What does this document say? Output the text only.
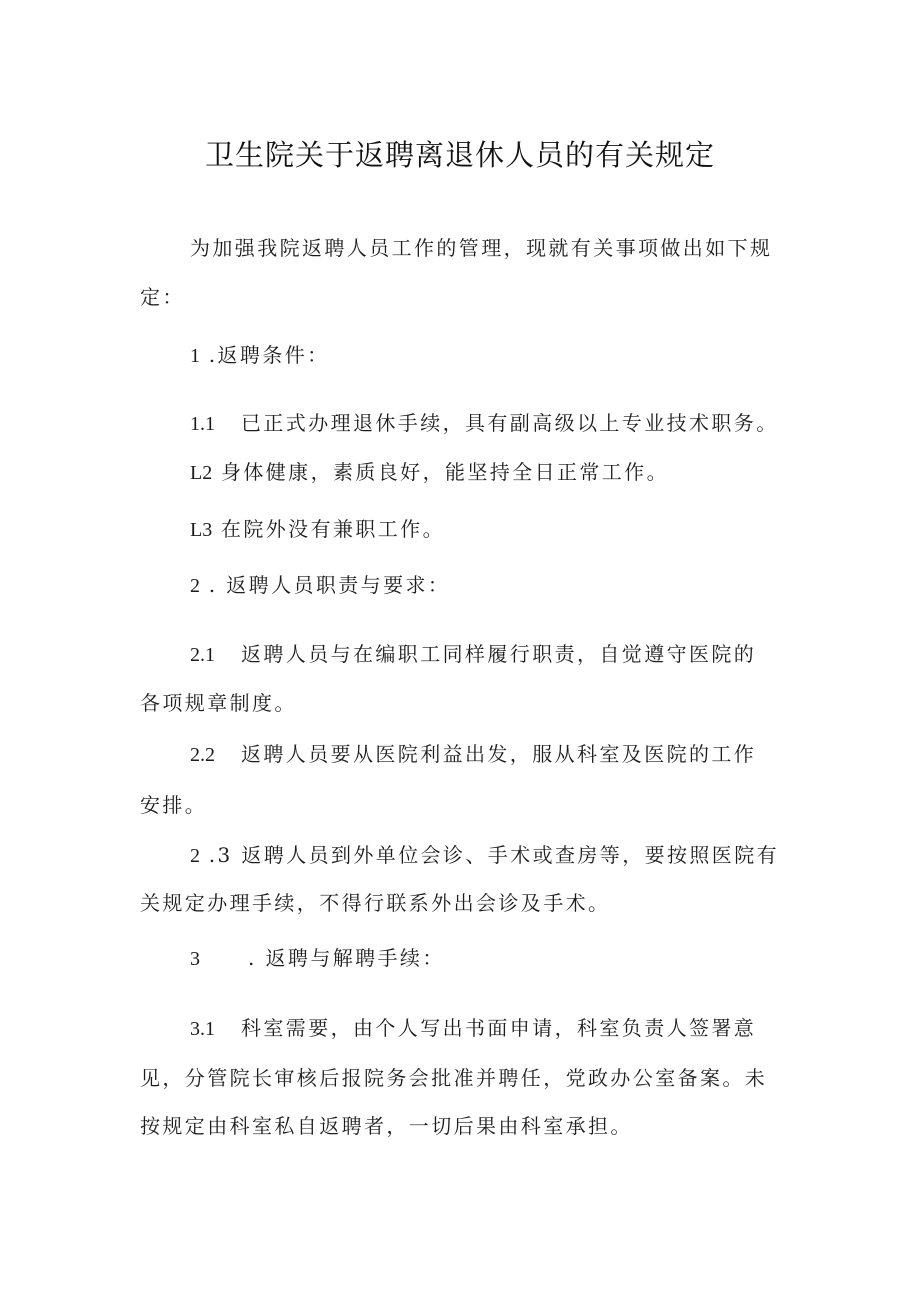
卫生院关于返聘离退休人员的有关规定
为加强我院返聘人员工作的管理，现就有关事项做出如下规
定：
1 .返聘条件：
1.1 已正式办理退休手续，具有副高级以上专业技术职务。
L2 身体健康，素质良好，能坚持全日正常工作。
L3 在院外没有兼职工作。
2 . 返聘人员职责与要求：
2.1 返聘人员与在编职工同样履行职责，自觉遵守医院的
各项规章制度。
2.2 返聘人员要从医院利益出发，服从科室及医院的工作
安排。
2 .3 返聘人员到外单位会诊、手术或查房等，要按照医院有
关规定办理手续，不得行联系外出会诊及手术。
3 . 返聘与解聘手续：
3.1 科室需要，由个人写出书面申请，科室负责人签署意
见，分管院长审核后报院务会批准并聘任，党政办公室备案。未
按规定由科室私自返聘者，一切后果由科室承担。
